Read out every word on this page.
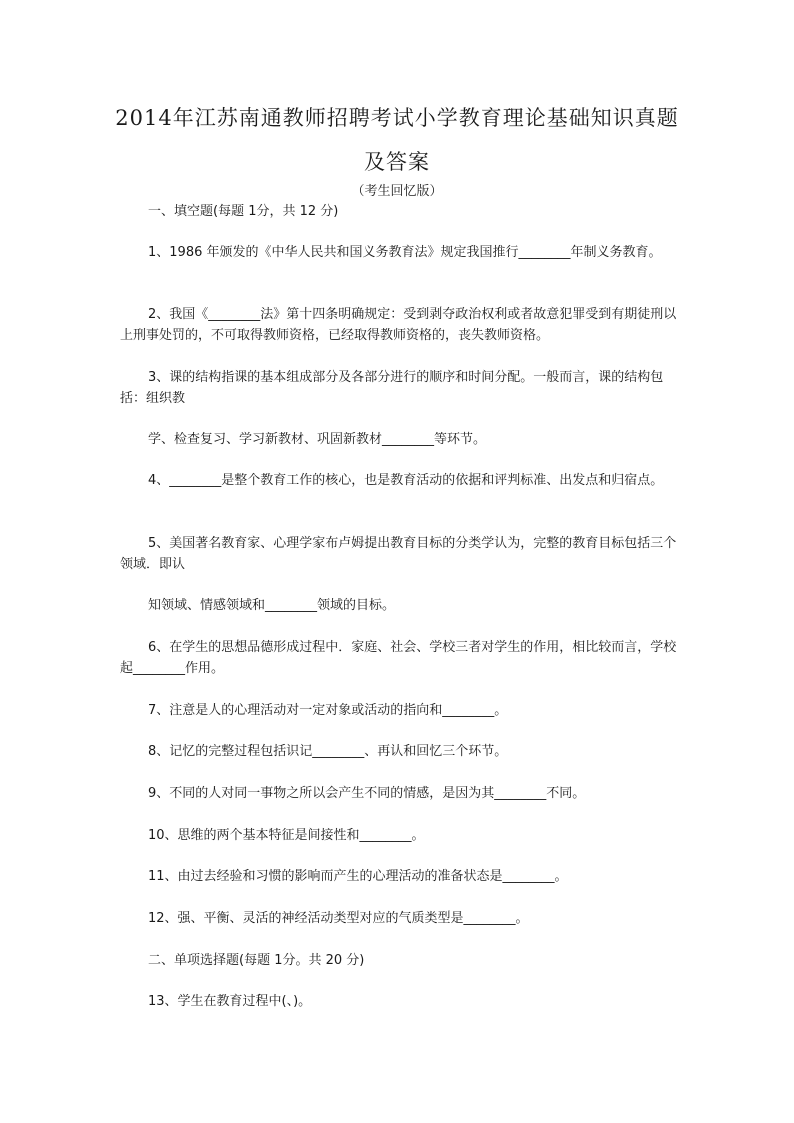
2014年江苏南通教师招聘考试小学教育理论基础知识真题
及答案
（考生回忆版）
一、填空题(每题 1分，共 12 分)
1、1986 年颁发的《中华人民共和国义务教育法》规定我国推行________年制义务教育。
2、我国《________法》第十四条明确规定：受到剥夺政治权利或者故意犯罪受到有期徒刑以上刑事处罚的，不可取得教师资格，已经取得教师资格的，丧失教师资格。
3、课的结构指课的基本组成部分及各部分进行的顺序和时间分配。一般而言，课的结构包括：组织教
学、检查复习、学习新教材、巩固新教材________等环节。
4、________是整个教育工作的核心，也是教育活动的依据和评判标准、出发点和归宿点。
5、美国著名教育家、心理学家布卢姆提出教育目标的分类学认为，完整的教育目标包括三个领域．即认
知领域、情感领域和________领域的目标。
6、在学生的思想品德形成过程中．家庭、社会、学校三者对学生的作用，相比较而言，学校起________作用。
7、注意是人的心理活动对一定对象或活动的指向和________。
8、记忆的完整过程包括识记________、再认和回忆三个环节。
9、不同的人对同一事物之所以会产生不同的情感，是因为其________不同。
10、思维的两个基本特征是间接性和________。
11、由过去经验和习惯的影响而产生的心理活动的准备状态是________。
12、强、平衡、灵活的神经活动类型对应的气质类型是________。
二、单项选择题(每题 1分。共 20 分)
13、学生在教育过程中(、)。
